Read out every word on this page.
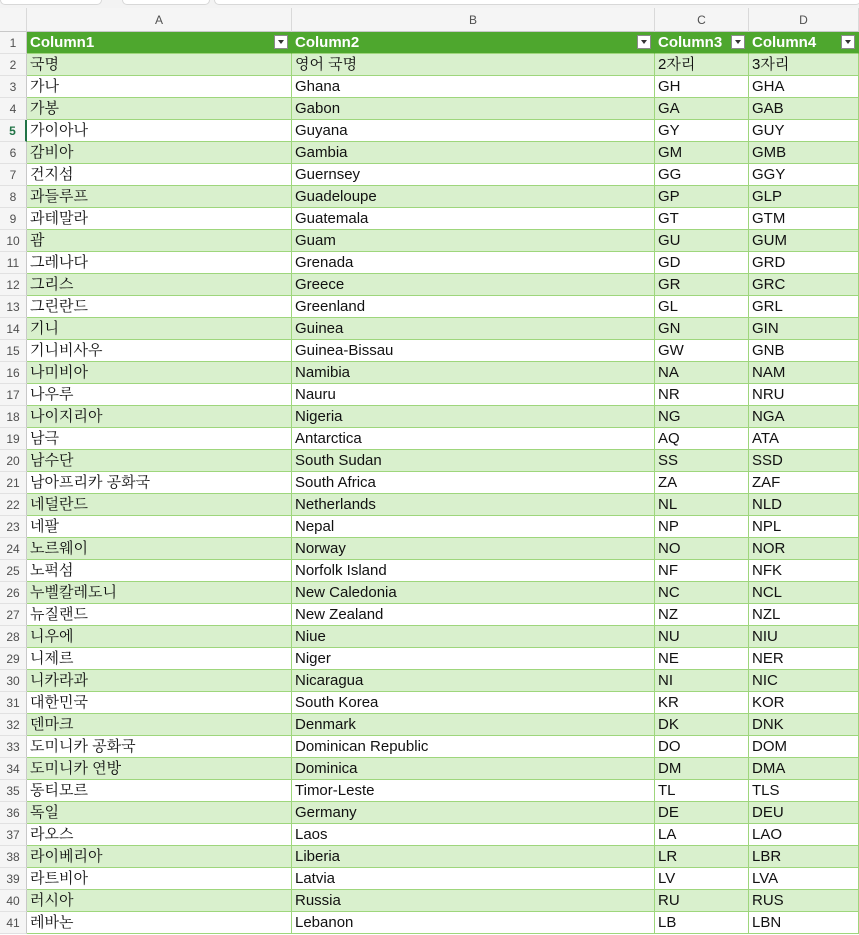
A	B	C	D
1 Column1	Column2	Column3	Column4
2 국명	영어 국명	2자리	3자리
3 가나	Ghana	GH	GHA
4 가봉	Gabon	GA	GAB
5 가이아나	Guyana	GY	GUY
6 감비아	Gambia	GM	GMB
7 건지섬	Guernsey	GG	GGY
8 과들루프	Guadeloupe	GP	GLP
9 과테말라	Guatemala	GT	GTM
10 괌	Guam	GU	GUM
11 그레나다	Grenada	GD	GRD
12 그리스	Greece	GR	GRC
13 그린란드	Greenland	GL	GRL
14 기니	Guinea	GN	GIN
15 기니비사우	Guinea-Bissau	GW	GNB
16 나미비아	Namibia	NA	NAM
17 나우루	Nauru	NR	NRU
18 나이지리아	Nigeria	NG	NGA
19 남극	Antarctica	AQ	ATA
20 남수단	South Sudan	SS	SSD
21 남아프리카 공화국	South Africa	ZA	ZAF
22 네덜란드	Netherlands	NL	NLD
23 네팔	Nepal	NP	NPL
24 노르웨이	Norway	NO	NOR
25 노퍽섬	Norfolk Island	NF	NFK
26 누벨칼레도니	New Caledonia	NC	NCL
27 뉴질랜드	New Zealand	NZ	NZL
28 니우에	Niue	NU	NIU
29 니제르	Niger	NE	NER
30 니카라과	Nicaragua	NI	NIC
31 대한민국	South Korea	KR	KOR
32 덴마크	Denmark	DK	DNK
33 도미니카 공화국	Dominican Republic	DO	DOM
34 도미니카 연방	Dominica	DM	DMA
35 동티모르	Timor-Leste	TL	TLS
36 독일	Germany	DE	DEU
37 라오스	Laos	LA	LAO
38 라이베리아	Liberia	LR	LBR
39 라트비아	Latvia	LV	LVA
40 러시아	Russia	RU	RUS
41 레바논	Lebanon	LB	LBN
